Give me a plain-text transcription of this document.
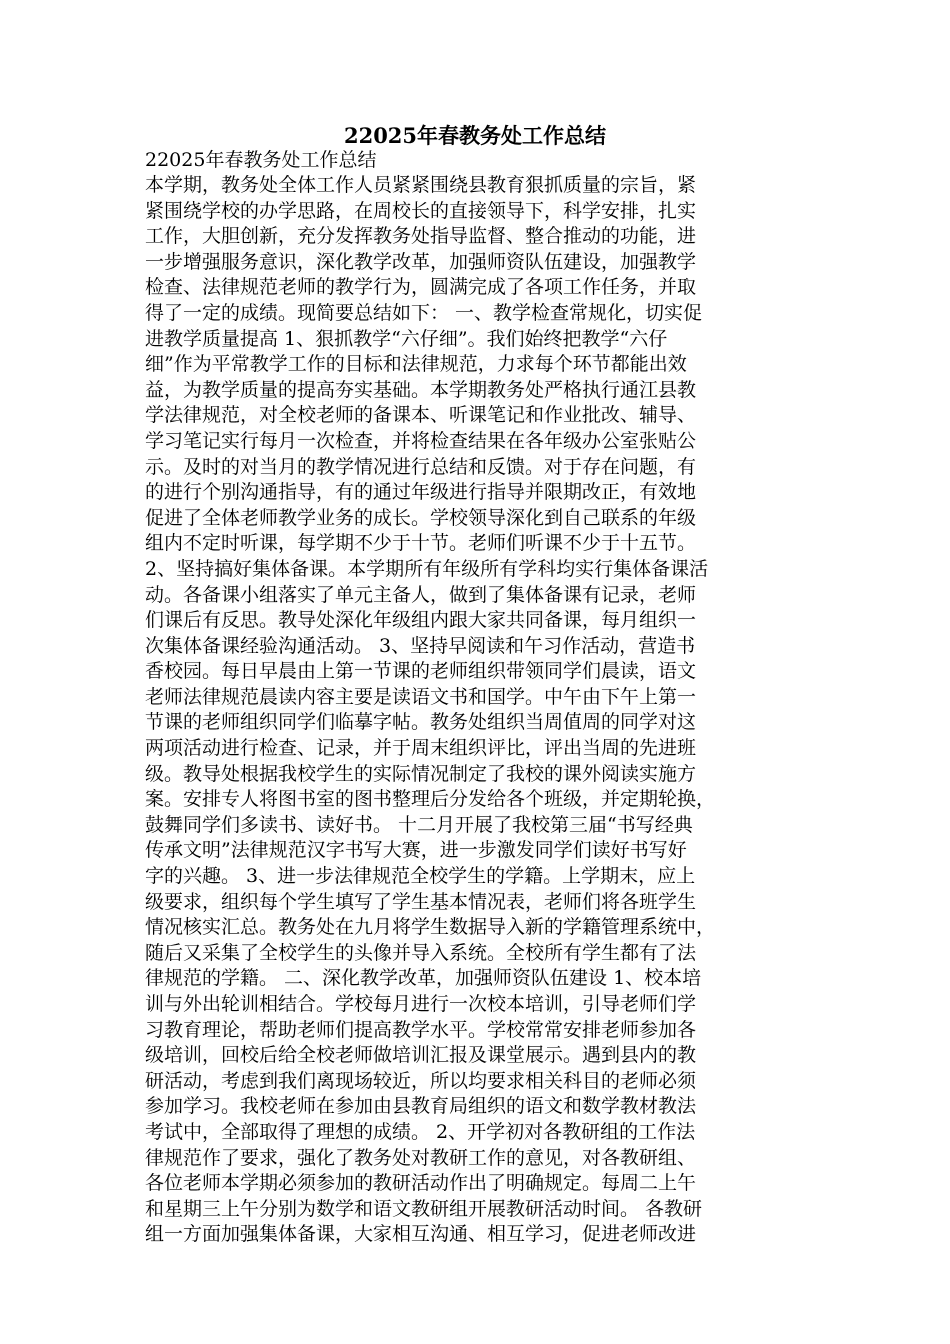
22025年春教务处工作总结

22025年春教务处工作总结

本学期，教务处全体工作人员紧紧围绕县教育狠抓质量的宗旨，紧
紧围绕学校的办学思路，在周校长的直接领导下，科学安排，扎实
工作，大胆创新，充分发挥教务处指导监督、整合推动的功能，进
一步增强服务意识，深化教学改革，加强师资队伍建设，加强教学
检查、法律规范老师的教学行为，圆满完成了各项工作任务，并取
得了一定的成绩。现简要总结如下： 一、教学检查常规化，切实促
进教学质量提高 1、狠抓教学“六仔细”。我们始终把教学“六仔
细”作为平常教学工作的目标和法律规范，力求每个环节都能出效
益，为教学质量的提高夯实基础。本学期教务处严格执行通江县教
学法律规范，对全校老师的备课本、听课笔记和作业批改、辅导、
学习笔记实行每月一次检查，并将检查结果在各年级办公室张贴公
示。及时的对当月的教学情况进行总结和反馈。对于存在问题，有
的进行个别沟通指导，有的通过年级进行指导并限期改正，有效地
促进了全体老师教学业务的成长。学校领导深化到自己联系的年级
组内不定时听课，每学期不少于十节。老师们听课不少于十五节。
2、坚持搞好集体备课。本学期所有年级所有学科均实行集体备课活
动。各备课小组落实了单元主备人，做到了集体备课有记录，老师
们课后有反思。教导处深化年级组内跟大家共同备课，每月组织一
次集体备课经验沟通活动。 3、坚持早阅读和午习作活动，营造书
香校园。每日早晨由上第一节课的老师组织带领同学们晨读，语文
老师法律规范晨读内容主要是读语文书和国学。中午由下午上第一
节课的老师组织同学们临摹字帖。教务处组织当周值周的同学对这
两项活动进行检查、记录，并于周末组织评比，评出当周的先进班
级。教导处根据我校学生的实际情况制定了我校的课外阅读实施方
案。安排专人将图书室的图书整理后分发给各个班级，并定期轮换，
鼓舞同学们多读书、读好书。 十二月开展了我校第三届“书写经典
传承文明”法律规范汉字书写大赛，进一步激发同学们读好书写好
字的兴趣。 3、进一步法律规范全校学生的学籍。上学期末，应上
级要求，组织每个学生填写了学生基本情况表，老师们将各班学生
情况核实汇总。教务处在九月将学生数据导入新的学籍管理系统中，
随后又采集了全校学生的头像并导入系统。全校所有学生都有了法
律规范的学籍。 二、深化教学改革，加强师资队伍建设 1、校本培
训与外出轮训相结合。学校每月进行一次校本培训，引导老师们学
习教育理论，帮助老师们提高教学水平。学校常常安排老师参加各
级培训，回校后给全校老师做培训汇报及课堂展示。遇到县内的教
研活动，考虑到我们离现场较近，所以均要求相关科目的老师必须
参加学习。我校老师在参加由县教育局组织的语文和数学教材教法
考试中，全部取得了理想的成绩。 2、开学初对各教研组的工作法
律规范作了要求，强化了教务处对教研工作的意见，对各教研组、
各位老师本学期必须参加的教研活动作出了明确规定。每周二上午
和星期三上午分别为数学和语文教研组开展教研活动时间。 各教研
组一方面加强集体备课，大家相互沟通、相互学习，促进老师改进
